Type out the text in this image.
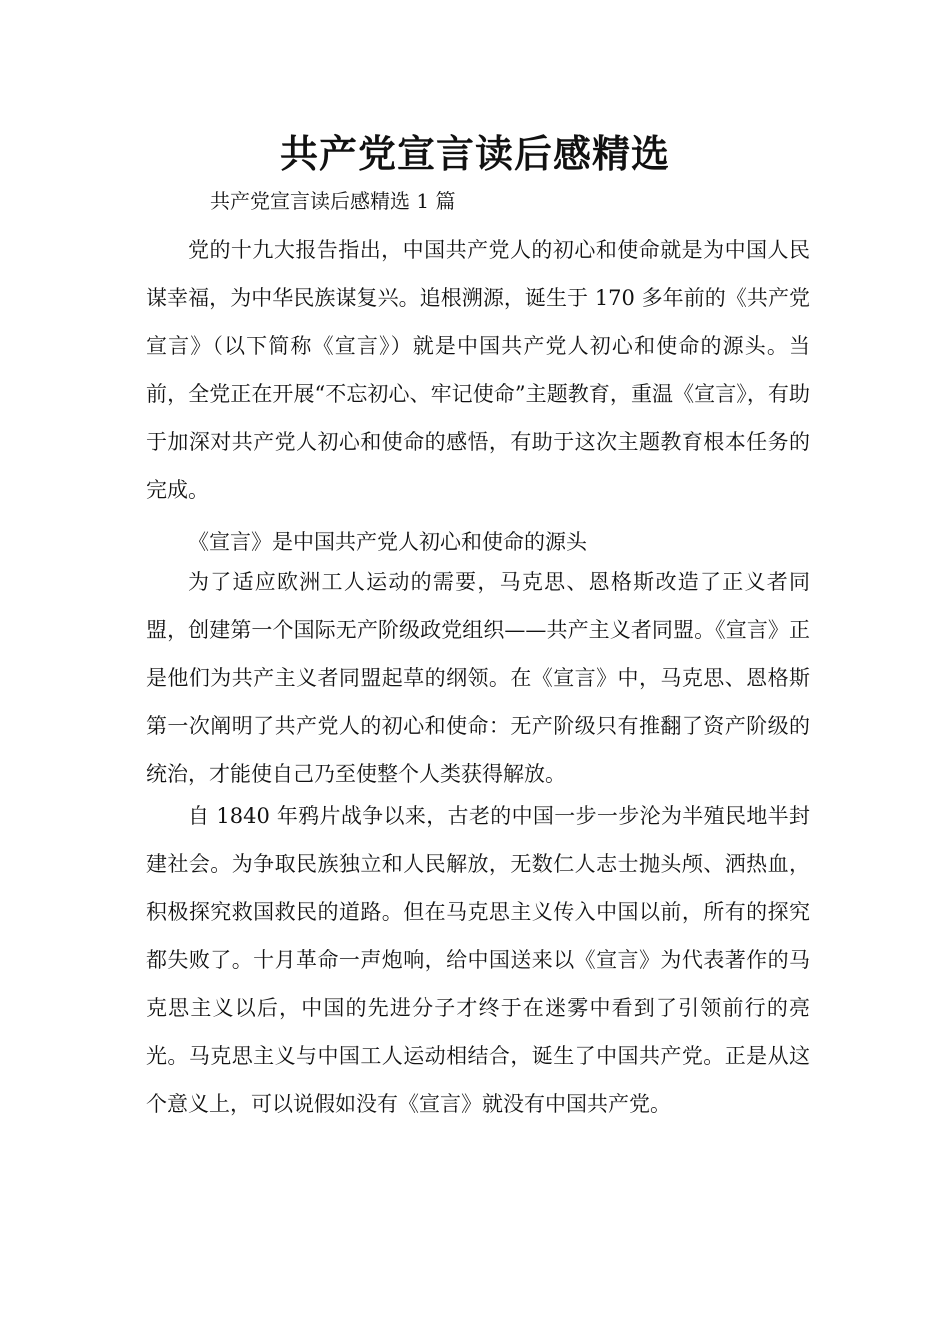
共产党宣言读后感精选

共产党宣言读后感精选 1 篇

党的十九大报告指出，中国共产党人的初心和使命就是为中国人民谋幸福，为中华民族谋复兴。追根溯源，诞生于 170 多年前的《共产党宣言》（以下简称《宣言》）就是中国共产党人初心和使命的源头。当前，全党正在开展“不忘初心、牢记使命”主题教育，重温《宣言》，有助于加深对共产党人初心和使命的感悟，有助于这次主题教育根本任务的完成。

《宣言》是中国共产党人初心和使命的源头

为了适应欧洲工人运动的需要，马克思、恩格斯改造了正义者同盟，创建第一个国际无产阶级政党组织——共产主义者同盟。《宣言》正是他们为共产主义者同盟起草的纲领。在《宣言》中，马克思、恩格斯第一次阐明了共产党人的初心和使命：无产阶级只有推翻了资产阶级的统治，才能使自己乃至使整个人类获得解放。

自 1840 年鸦片战争以来，古老的中国一步一步沦为半殖民地半封建社会。为争取民族独立和人民解放，无数仁人志士抛头颅、洒热血，积极探究救国救民的道路。但在马克思主义传入中国以前，所有的探究都失败了。十月革命一声炮响，给中国送来以《宣言》为代表著作的马克思主义以后，中国的先进分子才终于在迷雾中看到了引领前行的亮光。马克思主义与中国工人运动相结合，诞生了中国共产党。正是从这个意义上，可以说假如没有《宣言》就没有中国共产党。
